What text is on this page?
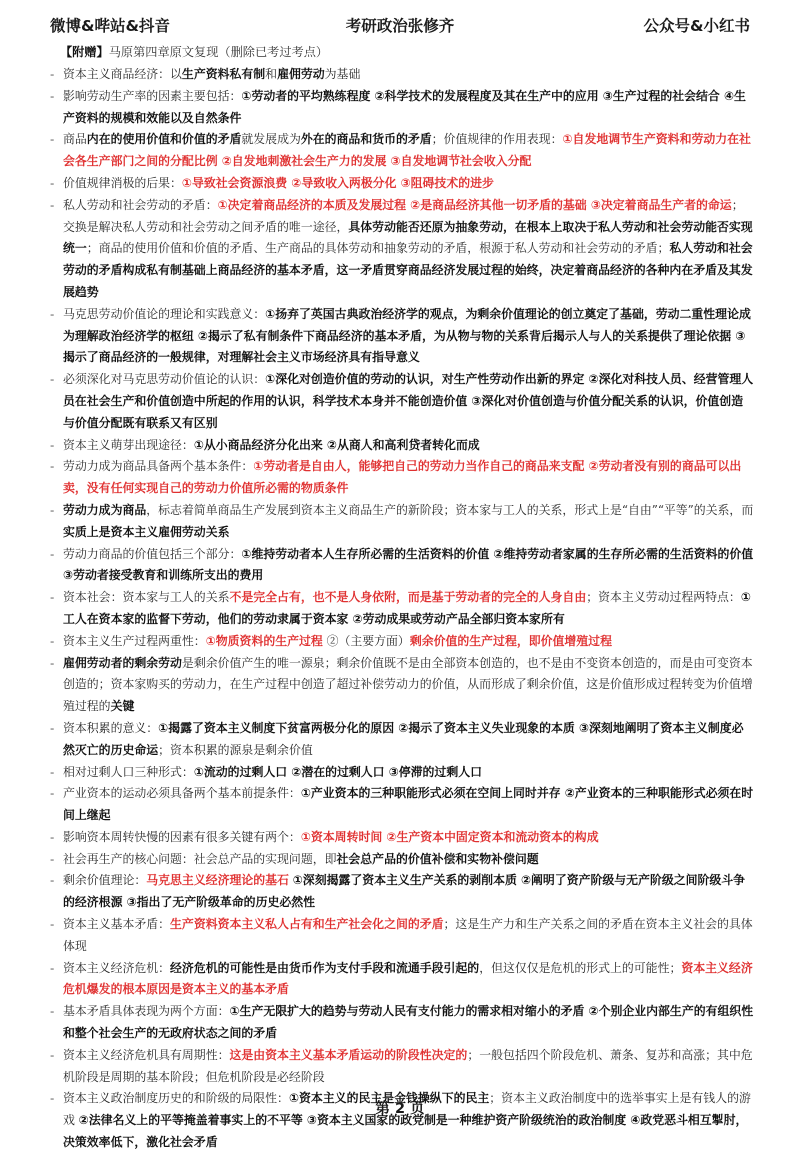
微博&哔站&抖音	考研政治张修齐	公众号&小红书
【附赠】马原第四章原文复现（删除已考过考点）
- 资本主义商品经济：以生产资料私有制和雇佣劳动为基础
- 影响劳动生产率的因素主要包括：①劳动者的平均熟练程度 ②科学技术的发展程度及其在生产中的应用 ③生产过程的社会结合 ④生产资料的规模和效能以及自然条件
- 商品内在的使用价值和价值的矛盾就发展成为外在的商品和货币的矛盾；价值规律的作用表现：①自发地调节生产资料和劳动力在社会各生产部门之间的分配比例 ②自发地刺激社会生产力的发展 ③自发地调节社会收入分配
- 价值规律消极的后果：①导致社会资源浪费 ②导致收入两极分化 ③阻碍技术的进步
- 私人劳动和社会劳动的矛盾：①决定着商品经济的本质及发展过程 ②是商品经济其他一切矛盾的基础 ③决定着商品生产者的命运；交换是解决私人劳动和社会劳动之间矛盾的唯一途径，具体劳动能否还原为抽象劳动，在根本上取决于私人劳动和社会劳动能否实现统一；商品的使用价值和价值的矛盾、生产商品的具体劳动和抽象劳动的矛盾，根源于私人劳动和社会劳动的矛盾；私人劳动和社会劳动的矛盾构成私有制基础上商品经济的基本矛盾，这一矛盾贯穿商品经济发展过程的始终，决定着商品经济的各种内在矛盾及其发展趋势
- 马克思劳动价值论的理论和实践意义：①扬弃了英国古典政治经济学的观点，为剩余价值理论的创立奠定了基础，劳动二重性理论成为理解政治经济学的枢纽 ②揭示了私有制条件下商品经济的基本矛盾，为从物与物的关系背后揭示人与人的关系提供了理论依据 ③揭示了商品经济的一般规律，对理解社会主义市场经济具有指导意义
- 必须深化对马克思劳动价值论的认识：①深化对创造价值的劳动的认识，对生产性劳动作出新的界定 ②深化对科技人员、经营管理人员在社会生产和价值创造中所起的作用的认识，科学技术本身并不能创造价值 ③深化对价值创造与价值分配关系的认识，价值创造与价值分配既有联系又有区别
- 资本主义萌芽出现途径：①从小商品经济分化出来 ②从商人和高利贷者转化而成
- 劳动力成为商品具备两个基本条件：①劳动者是自由人，能够把自己的劳动力当作自己的商品来支配 ②劳动者没有别的商品可以出卖，没有任何实现自己的劳动力价值所必需的物质条件
- 劳动力成为商品，标志着简单商品生产发展到资本主义商品生产的新阶段；资本家与工人的关系，形式上是“自由”“平等”的关系，而实质上是资本主义雇佣劳动关系
- 劳动力商品的价值包括三个部分：①维持劳动者本人生存所必需的生活资料的价值 ②维持劳动者家属的生存所必需的生活资料的价值 ③劳动者接受教育和训练所支出的费用
- 资本社会：资本家与工人的关系不是完全占有，也不是人身依附，而是基于劳动者的完全的人身自由；资本主义劳动过程两特点：①工人在资本家的监督下劳动，他们的劳动隶属于资本家 ②劳动成果或劳动产品全部归资本家所有
- 资本主义生产过程两重性：①物质资料的生产过程 ②（主要方面）剩余价值的生产过程，即价值增殖过程
- 雇佣劳动者的剩余劳动是剩余价值产生的唯一源泉；剩余价值既不是由全部资本创造的，也不是由不变资本创造的，而是由可变资本创造的；资本家购买的劳动力，在生产过程中创造了超过补偿劳动力的价值，从而形成了剩余价值，这是价值形成过程转变为价值增殖过程的关键
- 资本积累的意义：①揭露了资本主义制度下贫富两极分化的原因 ②揭示了资本主义失业现象的本质 ③深刻地阐明了资本主义制度必然灭亡的历史命运；资本积累的源泉是剩余价值
- 相对过剩人口三种形式：①流动的过剩人口 ②潜在的过剩人口 ③停滞的过剩人口
- 产业资本的运动必须具备两个基本前提条件：①产业资本的三种职能形式必须在空间上同时并存 ②产业资本的三种职能形式必须在时间上继起
- 影响资本周转快慢的因素有很多关键有两个：①资本周转时间 ②生产资本中固定资本和流动资本的构成
- 社会再生产的核心问题：社会总产品的实现问题，即社会总产品的价值补偿和实物补偿问题
- 剩余价值理论：马克思主义经济理论的基石 ①深刻揭露了资本主义生产关系的剥削本质 ②阐明了资产阶级与无产阶级之间阶级斗争的经济根源 ③指出了无产阶级革命的历史必然性
- 资本主义基本矛盾：生产资料资本主义私人占有和生产社会化之间的矛盾；这是生产力和生产关系之间的矛盾在资本主义社会的具体体现
- 资本主义经济危机：经济危机的可能性是由货币作为支付手段和流通手段引起的，但这仅仅是危机的形式上的可能性；资本主义经济危机爆发的根本原因是资本主义的基本矛盾
- 基本矛盾具体表现为两个方面：①生产无限扩大的趋势与劳动人民有支付能力的需求相对缩小的矛盾 ②个别企业内部生产的有组织性和整个社会生产的无政府状态之间的矛盾
- 资本主义经济危机具有周期性：这是由资本主义基本矛盾运动的阶段性决定的；一般包括四个阶段危机、萧条、复苏和高涨；其中危机阶段是周期的基本阶段；但危机阶段是必经阶段
- 资本主义政治制度历史的和阶级的局限性：①资本主义的民主是金钱操纵下的民主；资本主义政治制度中的选举事实上是有钱人的游戏 ②法律名义上的平等掩盖着事实上的不平等 ③资本主义国家的政党制是一种维护资产阶级统治的政治制度 ④政党恶斗相互掣肘，决策效率低下，激化社会矛盾
第 2 页
